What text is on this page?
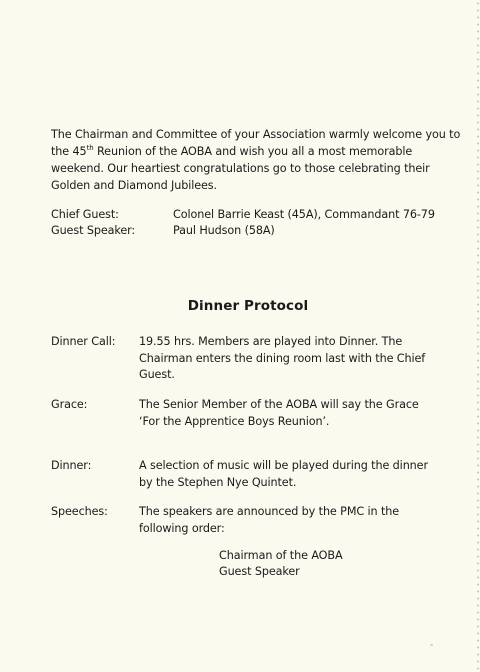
The Chairman and Committee of your Association warmly welcome you to the 45th Reunion of the AOBA and wish you all a most memorable weekend. Our heartiest congratulations go to those celebrating their Golden and Diamond Jubilees.
Chief Guest:	Colonel Barrie Keast (45A), Commandant 76-79
Guest Speaker:	Paul Hudson (58A)
Dinner Protocol
Dinner Call: 19.55 hrs. Members are played into Dinner. The Chairman enters the dining room last with the Chief Guest.
Grace:	The Senior Member of the AOBA will say the Grace ‘For the Apprentice Boys Reunion’.
Dinner:	A selection of music will be played during the dinner by the Stephen Nye Quintet.
Speeches:	The speakers are announced by the PMC in the following order:
Chairman of the AOBA
Guest Speaker
